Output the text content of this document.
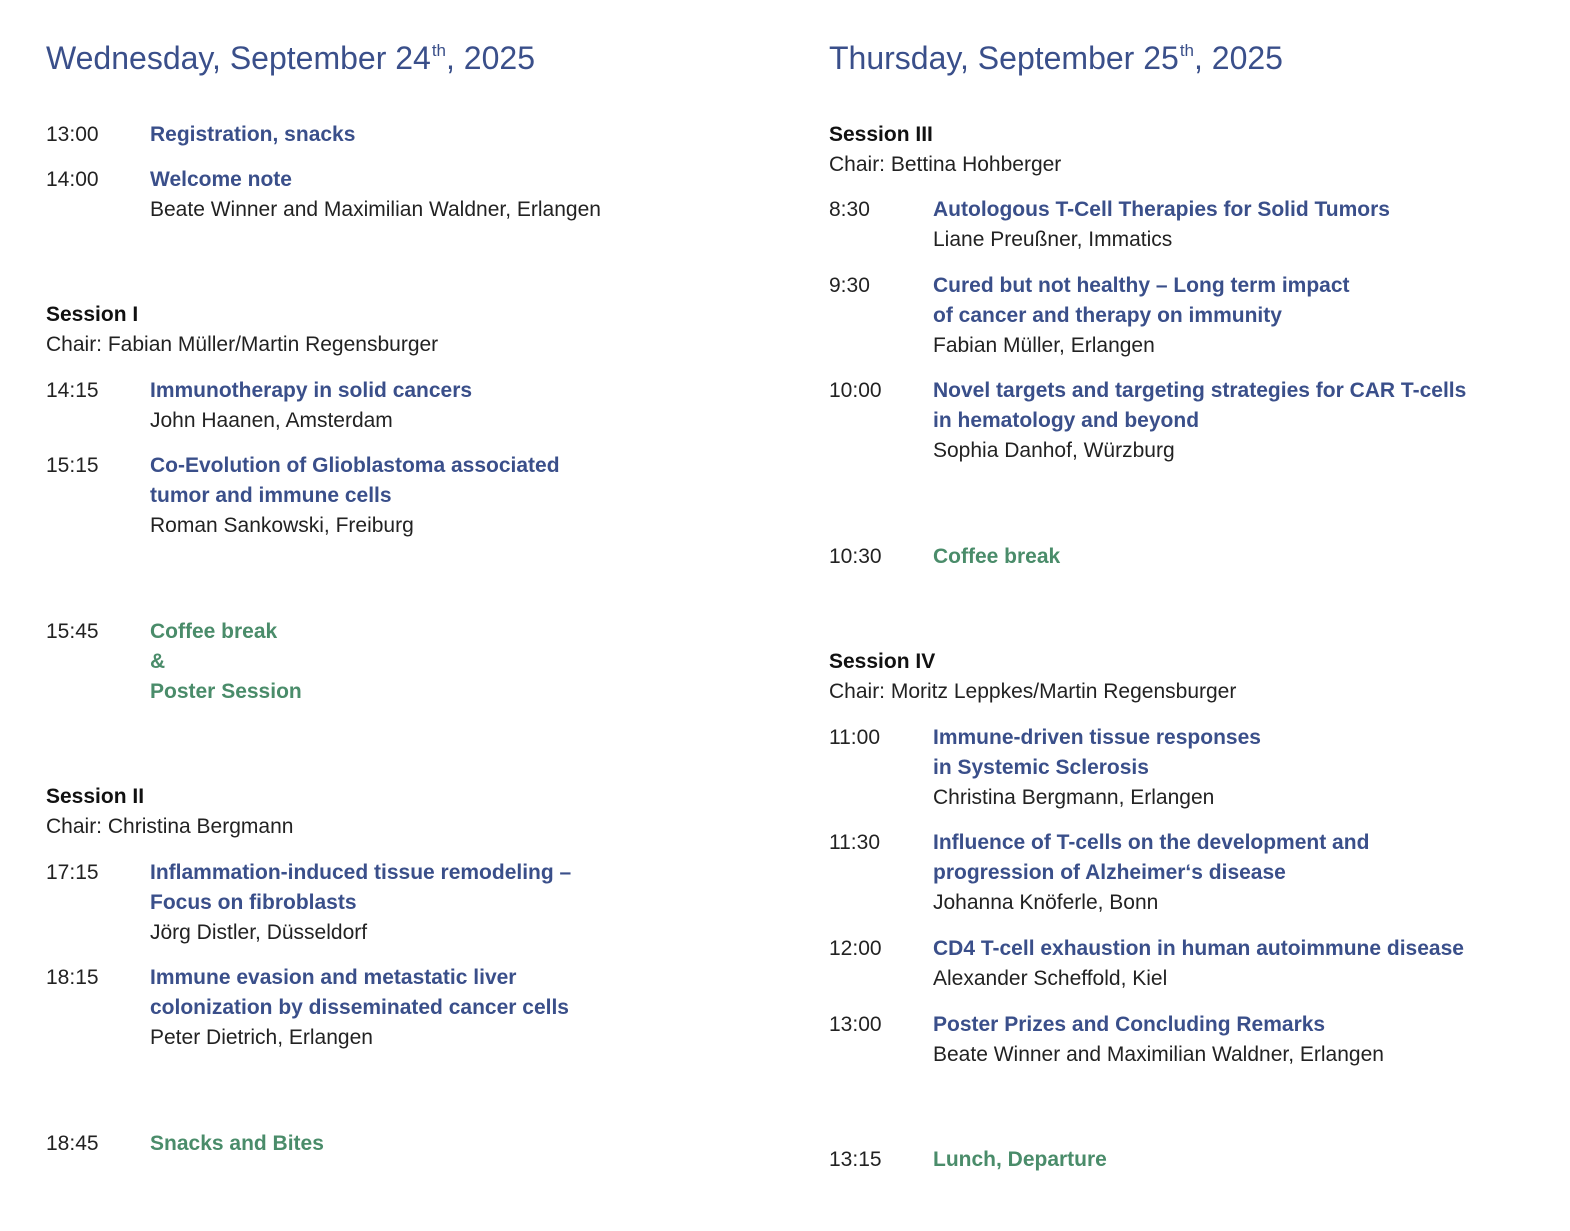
Wednesday, September 24th, 2025
13:00 Registration, snacks
14:00 Welcome note
Beate Winner and Maximilian Waldner, Erlangen
Session I
Chair: Fabian Müller/Martin Regensburger
14:15 Immunotherapy in solid cancers
John Haanen, Amsterdam
15:15 Co-Evolution of Glioblastoma associated
tumor and immune cells
Roman Sankowski, Freiburg
15:45 Coffee break
&
Poster Session
Session II
Chair: Christina Bergmann
17:15 Inflammation-induced tissue remodeling –
Focus on fibroblasts
Jörg Distler, Düsseldorf
18:15 Immune evasion and metastatic liver
colonization by disseminated cancer cells
Peter Dietrich, Erlangen
18:45 Snacks and Bites
Thursday, September 25th, 2025
Session III
Chair: Bettina Hohberger
8:30	Autologous T-Cell Therapies for Solid Tumors
Liane Preußner, Immatics
9:30	Cured but not healthy – Long term impact
of cancer and therapy on immunity
Fabian Müller, Erlangen
10:00 Novel targets and targeting strategies for CAR T-cells
in hematology and beyond
Sophia Danhof, Würzburg
10:30 Coffee break
Session IV
Chair: Moritz Leppkes/Martin Regensburger
11:00	Immune-driven tissue responses
in Systemic Sclerosis
Christina Bergmann, Erlangen
11:30	Influence of T-cells on the development and
progression of Alzheimer‘s disease
Johanna Knöferle, Bonn
12:00 CD4 T-cell exhaustion in human autoimmune disease
Alexander Scheffold, Kiel
13:00 Poster Prizes and Concluding Remarks
Beate Winner and Maximilian Waldner, Erlangen
13:15 Lunch, Departure
